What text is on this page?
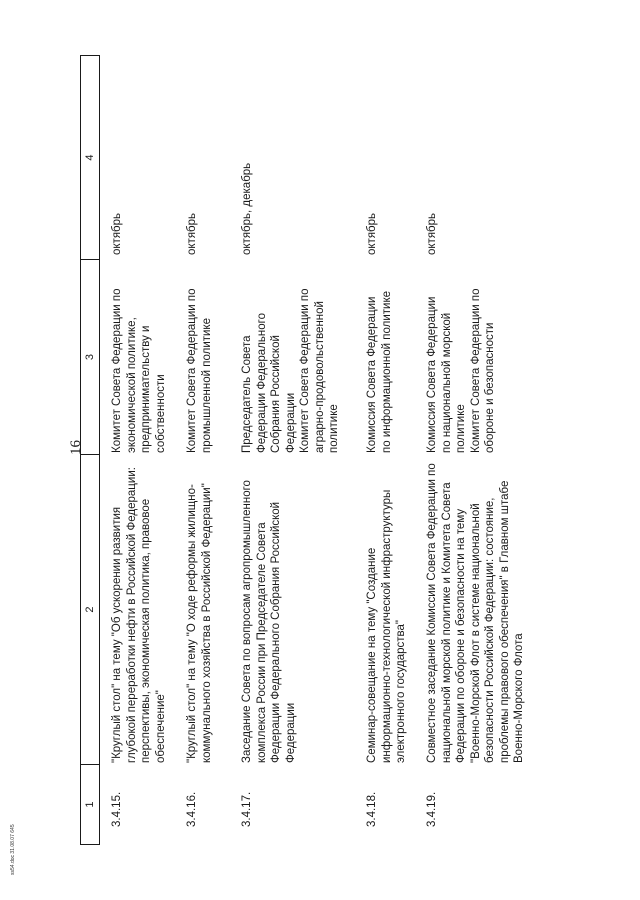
16
1
2
3
4
3.4.15.
"Круглый стол" на тему "Об ускорении развития
глубокой переработки нефти в Российской Федерации:
перспективы, экономическая политика, правовое
обеспечение"
Комитет Совета Федерации по
экономической политике,
предпринимательству и
собственности
октябрь
3.4.16.
"Круглый стол" на тему "О ходе реформы жилищно-
коммунального хозяйства в Российской Федерации"
Комитет Совета Федерации по
промышленной политике
октябрь
3.4.17.
Заседание Совета по вопросам агропромышленного
комплекса России при Председателе Совета
Федерации Федерального Собрания Российской
Федерации
Председатель Совета
Федерации Федерального
Собрания Российской
Федерации
Комитет Совета Федерации по
аграрно-продовольственной
политике
октябрь, декабрь
3.4.18.
Семинар-совещание на тему "Создание
информационно-технологической инфраструктуры
электронного государства"
Комиссия Совета Федерации
по информационной политике
октябрь
3.4.19.
Совместное заседание Комиссии Совета Федерации по
национальной морской политике и Комитета Совета
Федерации по обороне и безопасности на тему
"Военно-Морской Флот в системе национальной
безопасности Российской Федерации: состояние,
проблемы правового обеспечения" в Главном штабе
Военно-Морского Флота
Комиссия Совета Федерации
по национальной морской
политике
Комитет Совета Федерации по
обороне и безопасности
октябрь
ss54.doc 31.08.07 645
